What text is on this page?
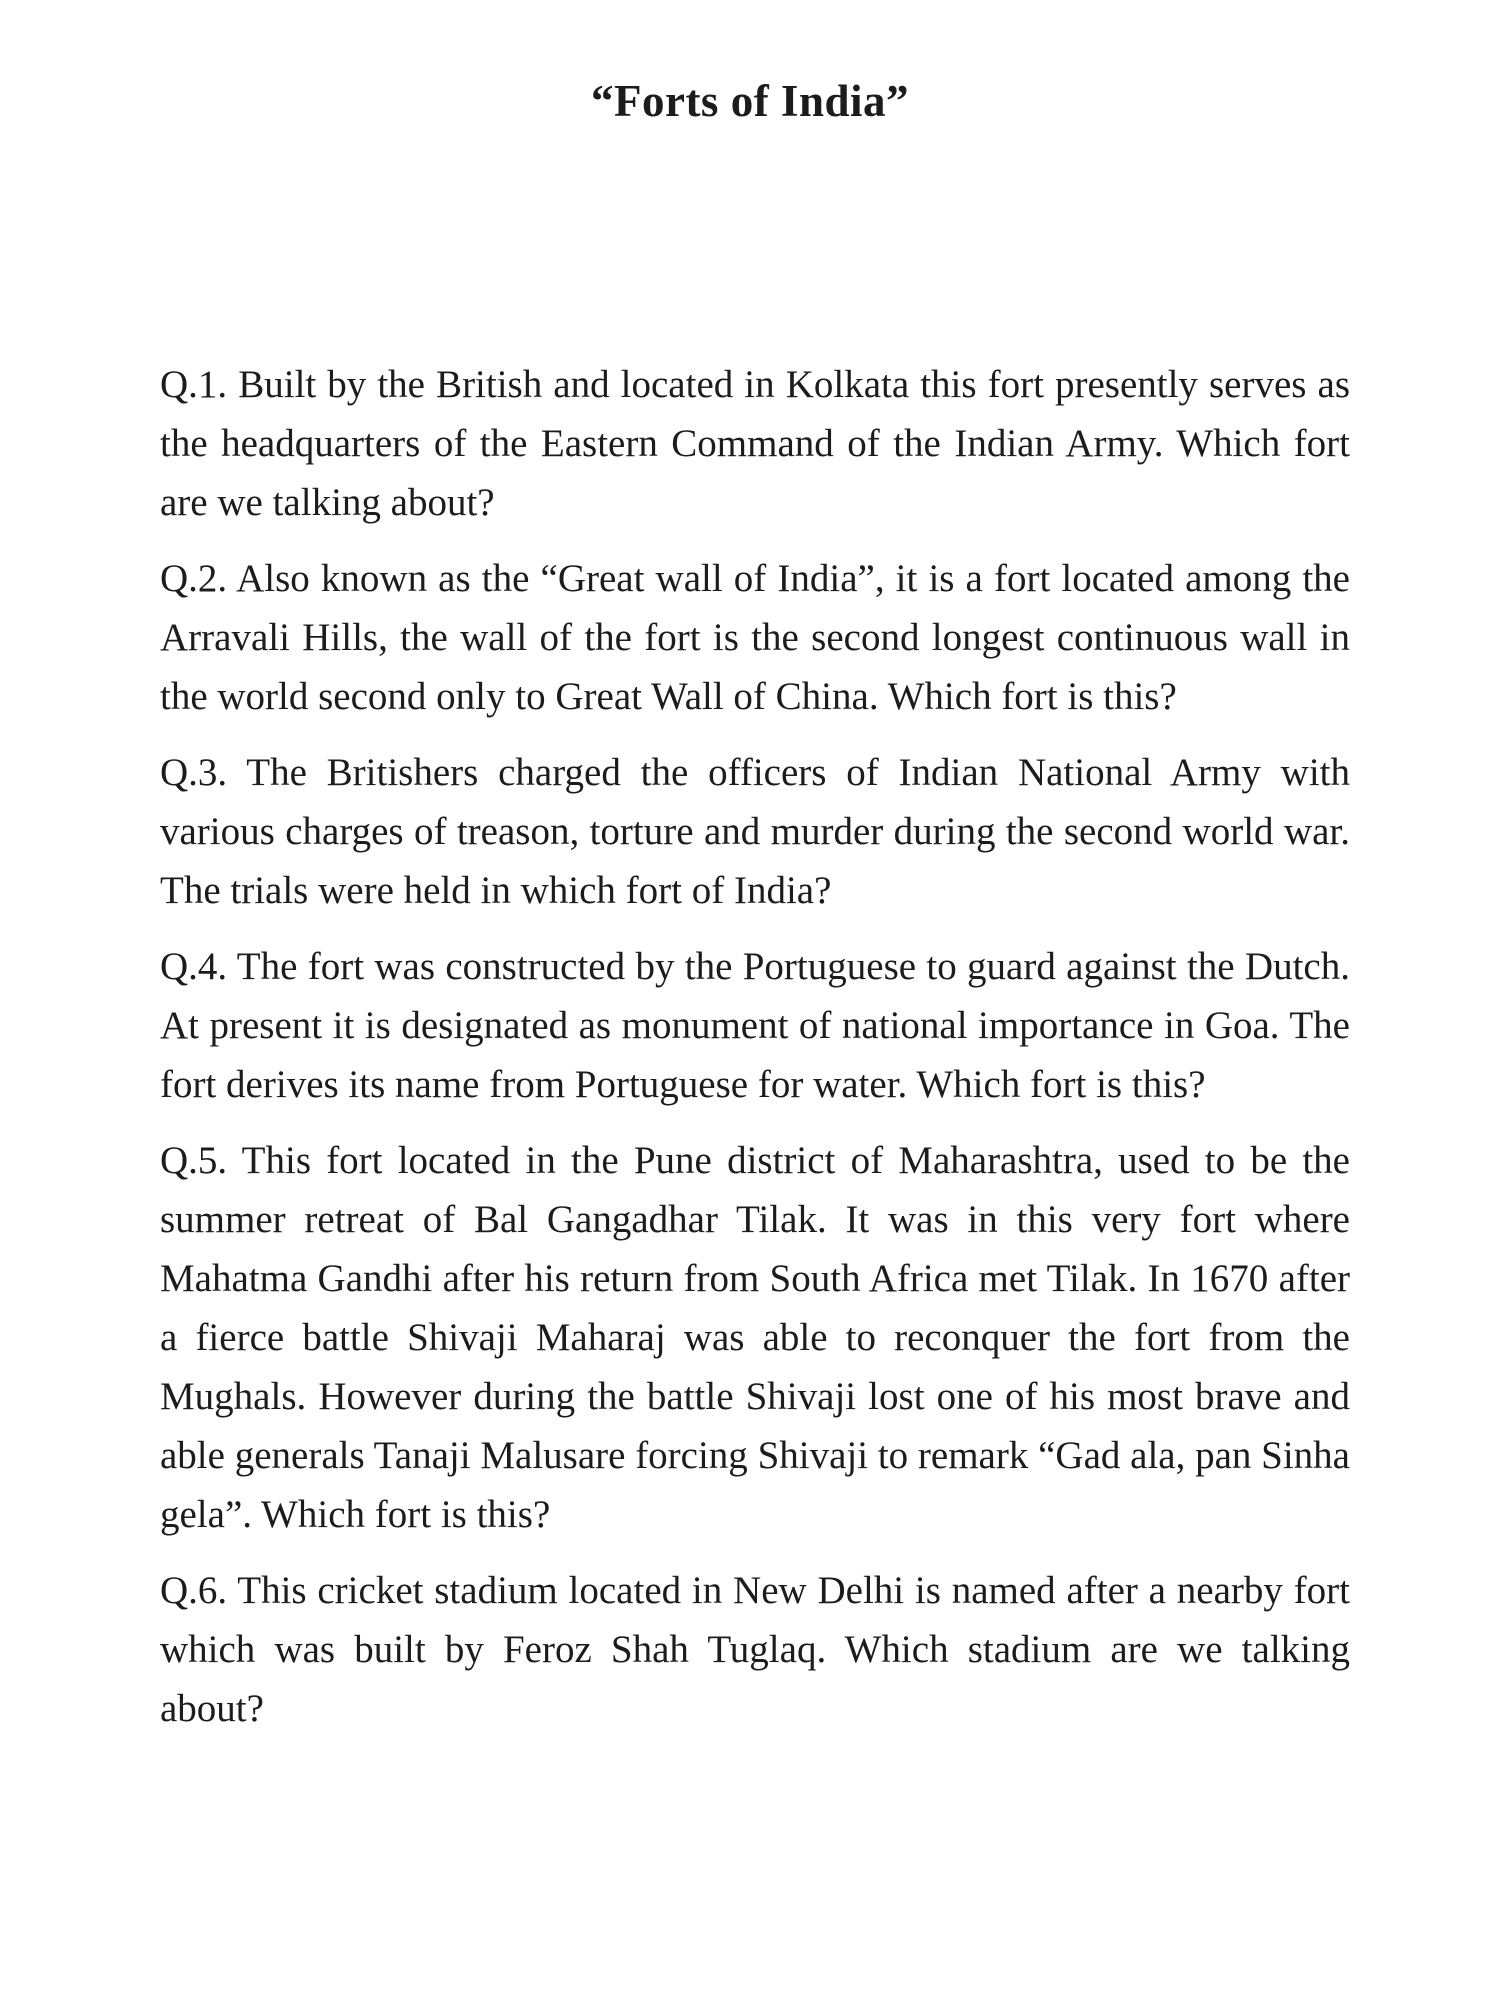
“Forts of India”
Q.1. Built by the British and located in Kolkata this fort presently serves as the headquarters of the Eastern Command of the Indian Army. Which fort are we talking about?
Q.2. Also known as the “Great wall of India”, it is a fort located among the Arravali Hills, the wall of the fort is the second longest continuous wall in the world second only to Great Wall of China. Which fort is this?
Q.3. The Britishers charged the officers of Indian National Army with various charges of treason, torture and murder during the second world war. The trials were held in which fort of India?
Q.4. The fort was constructed by the Portuguese to guard against the Dutch. At present it is designated as monument of national importance in Goa. The fort derives its name from Portuguese for water. Which fort is this?
Q.5. This fort located in the Pune district of Maharashtra, used to be the summer retreat of Bal Gangadhar Tilak. It was in this very fort where Mahatma Gandhi after his return from South Africa met Tilak. In 1670 after a fierce battle Shivaji Maharaj was able to reconquer the fort from the Mughals. However during the battle Shivaji lost one of his most brave and able generals Tanaji Malusare forcing Shivaji to remark “Gad ala, pan Sinha gela”. Which fort is this?
Q.6. This cricket stadium located in New Delhi is named after a nearby fort which was built by Feroz Shah Tuglaq. Which stadium are we talking about?
